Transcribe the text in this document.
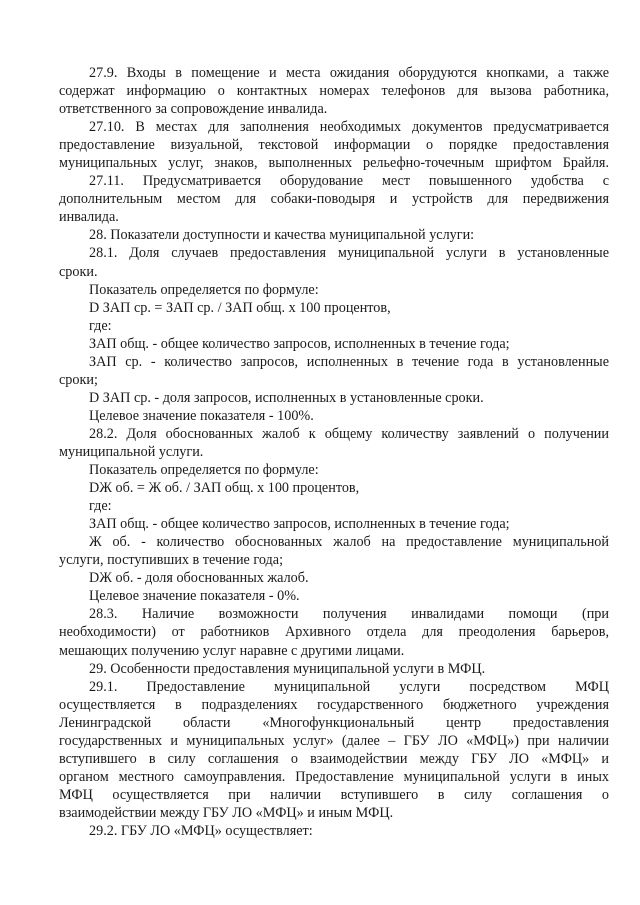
27.9. Входы в помещение и места ожидания оборудуются кнопками, а также
содержат информацию о контактных номерах телефонов для вызова работника,
ответственного за сопровождение инвалида.
27.10. В местах для заполнения необходимых документов предусматривается
предоставление визуальной, текстовой информации о порядке предоставления
муниципальных услуг, знаков, выполненных рельефно-точечным шрифтом Брайля.
27.11. Предусматривается оборудование мест повышенного удобства с
дополнительным местом для собаки-поводыря и устройств для передвижения
инвалида.
28. Показатели доступности и качества муниципальной услуги:
28.1. Доля случаев предоставления муниципальной услуги в установленные
сроки.
Показатель определяется по формуле:
D ЗАП ср. = ЗАП ср. / ЗАП общ. x 100 процентов,
где:
ЗАП общ. - общее количество запросов, исполненных в течение года;
ЗАП ср. - количество запросов, исполненных в течение года в установленные
сроки;
D ЗАП ср. - доля запросов, исполненных в установленные сроки.
Целевое значение показателя - 100%.
28.2. Доля обоснованных жалоб к общему количеству заявлений о получении
муниципальной услуги.
Показатель определяется по формуле:
DЖ об. = Ж об. / ЗАП общ. x 100 процентов,
где:
ЗАП общ. - общее количество запросов, исполненных в течение года;
Ж об. - количество обоснованных жалоб на предоставление муниципальной
услуги, поступивших в течение года;
DЖ об. - доля обоснованных жалоб.
Целевое значение показателя - 0%.
28.3. Наличие возможности получения инвалидами помощи (при
необходимости) от работников Архивного отдела для преодоления барьеров,
мешающих получению услуг наравне с другими лицами.
29. Особенности предоставления муниципальной услуги в МФЦ.
29.1. Предоставление муниципальной услуги посредством МФЦ
осуществляется в подразделениях государственного бюджетного учреждения
Ленинградской области «Многофункциональный центр предоставления
государственных и муниципальных услуг» (далее – ГБУ ЛО «МФЦ») при наличии
вступившего в силу соглашения о взаимодействии между ГБУ ЛО «МФЦ» и
органом местного самоуправления. Предоставление муниципальной услуги в иных
МФЦ осуществляется при наличии вступившего в силу соглашения о
взаимодействии между ГБУ ЛО «МФЦ» и иным МФЦ.
29.2. ГБУ ЛО «МФЦ» осуществляет:
